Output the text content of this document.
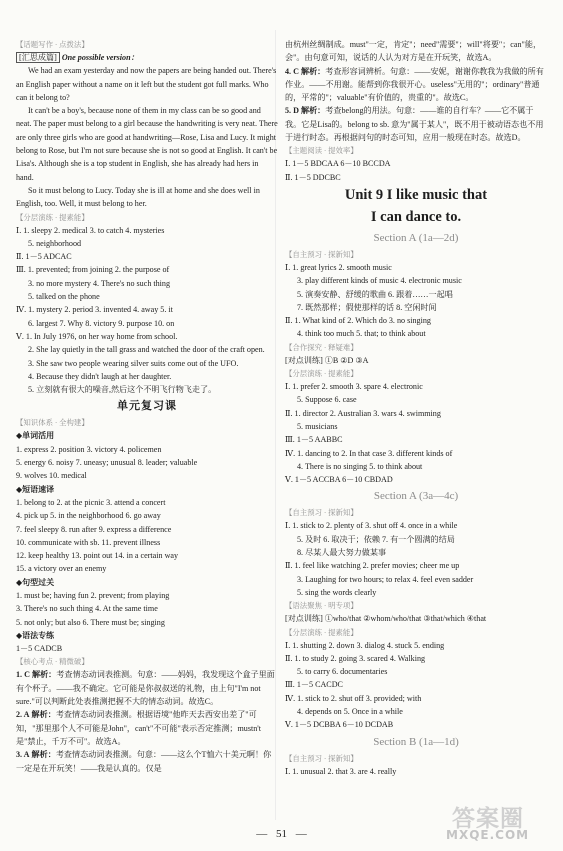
【 话题写作 · 点拨法 】
[汇思成篇] One possible version：
We had an exam yesterday and now the papers are being handed out. There's an English paper without a name on it left but the student got full marks. Who can it belong to?
It can't be a boy's, because none of them in my class can be so good and neat. The paper must belong to a girl because the handwriting is very neat. There are only three girls who are good at handwriting—Rose, Lisa and Lucy. It might belong to Rose, but I'm not sure because she is not so good at English. It can't be Lisa's. Although she is a top student in English, she has already had hers in hand.
So it must belong to Lucy. Today she is ill at home and she does well in English, too. Well, it must belong to her.
【 分层演练 · 提素能 】
Ⅰ. 1. sleepy 2. medical 3. to catch 4. mysteries
5. neighborhood
Ⅱ. 1－5 ADCAC
Ⅲ. 1. prevented; from joining 2. the purpose of
3. no more mystery 4. There's no such thing
5. talked on the phone
Ⅳ. 1. mystery 2. period 3. invented 4. away 5. it
6. largest 7. Why 8. victory 9. purpose 10. on
Ⅴ. 1. In July 1976, on her way home from school.
2. She lay quietly in the tall grass and watched the door of the craft open.
3. She saw two people wearing silver suits come out of the UFO.
4. Because they didn't laugh at her daughter.
5. 立刻就有很大的噪音,然后这个不明飞行物飞走了。
单元复习课
【 知识体系 · 全构建 】
◆单词活用
1. express 2. position 3. victory 4. policemen
5. energy 6. noisy 7. uneasy; unusual 8. leader; valuable
9. wolves 10. medical
◆短语速译
1. belong to 2. at the picnic 3. attend a concert
4. pick up 5. in the neighborhood 6. go away
7. feel sleepy 8. run after 9. express a difference
10. communicate with sb. 11. prevent illness
12. keep healthy 13. point out 14. in a certain way
15. a victory over an enemy
◆句型过关
1. must be; having fun 2. prevent; from playing
3. There's no such thing 4. At the same time
5. not only; but also 6. There must be; singing
◆语法专练
1－5 CADCB
【 核心考点 · 精微破 】
1. C 解析：考查情态动词表推测。句意：——妈妈，我发现这个盒子里面有个杯子。——我不确定。它可能是你叔叔送的礼物，由上句"I'm not sure."可以判断此处表推测把握不大的情态动词。故选C。
2. A 解析：考查情态动词表推测。根据语境"他昨天去西安出差了"可知，"那里那个人不可能是John"，can't"不可能"表示否定推测；mustn't是"禁止，千万不可"。故选A。
3. A 解析：考查情态动词表推测。句意：——这么个T恤六十美元啊！你一定是在开玩笑！——我是认真的。仅是
由杭州丝绸制成。must"一定，肯定"；need"需要"；will"将要"；can"能，会"。由句意可知，说话的人认为对方是在开玩笑，故选A。
4. C 解析：考查形容词辨析。句意：——安妮，谢谢你教我为我做的所有作业。——不用谢。能帮到你我很开心。useless"无用的"；ordinary"普通的，平常的"；valuable"有价值的，贵重的"。故选C。
5. D 解析：考查belong的用法。句意：——谁的自行车？——它不属于我。它是Lisa的。belong to sb. 意为"属于某人"，既不用于被动语态也不用于进行时态。再根据问句的时态可知，应用一般现在时态。故选D。
【 主题阅读 · 提效率 】
Ⅰ. 1－5 BDCAA 6－10 BCCDA
Ⅱ. 1－5 DDCBC
Unit 9 I like music that
I can dance to.
Section A (1a—2d)
【 自主预习 · 探新知 】
Ⅰ. 1. great lyrics 2. smooth music
3. play different kinds of music 4. electronic music
5. 演奏安静、舒缓的歌曲 6. 跟着……一起唱
7. 既然那样；假使那样的话 8. 空闲时间
Ⅱ. 1. What kind of 2. Which do 3. no singing
4. think too much 5. that; to think about
【 合作探究 · 释疑难 】
[对点训练] ①B ②D ③A
【 分层演练 · 提素能 】
Ⅰ. 1. prefer 2. smooth 3. spare 4. electronic
5. Suppose 6. case
Ⅱ. 1. director 2. Australian 3. wars 4. swimming
5. musicians
Ⅲ. 1－5 AABBC
Ⅳ. 1. dancing to 2. In that case 3. different kinds of
4. There is no singing 5. to think about
Ⅴ. 1－5 ACCBA 6－10 CBDAD
Section A (3a—4c)
【 自主预习 · 探新知 】
Ⅰ. 1. stick to 2. plenty of 3. shut off 4. once in a while
5. 及时 6. 取决于；依赖 7. 有一个圆满的结局
8. 尽某人最大努力做某事
Ⅱ. 1. feel like watching 2. prefer movies; cheer me up
3. Laughing for two hours; to relax 4. feel even sadder
5. sing the words clearly
【 语法聚焦 · 明专项 】
[对点训练] ①who/that ②whom/who/that ③that/which ④that
【 分层演练 · 提素能 】
Ⅰ. 1. shutting 2. down 3. dialog 4. stuck 5. ending
Ⅱ. 1. to study 2. going 3. scared 4. Walking
5. to carry 6. documentaries
Ⅲ. 1－5 CACDC
Ⅳ. 1. stick to 2. shut off 3. provided; with
4. depends on 5. Once in a while
Ⅴ. 1－5 DCBBA 6－10 DCDAB
Section B (1a—1d)
【 自主预习 · 探新知 】
Ⅰ. 1. unusual 2. that 3. are 4. really
— 51 —
答案圈
MXQE.COM
